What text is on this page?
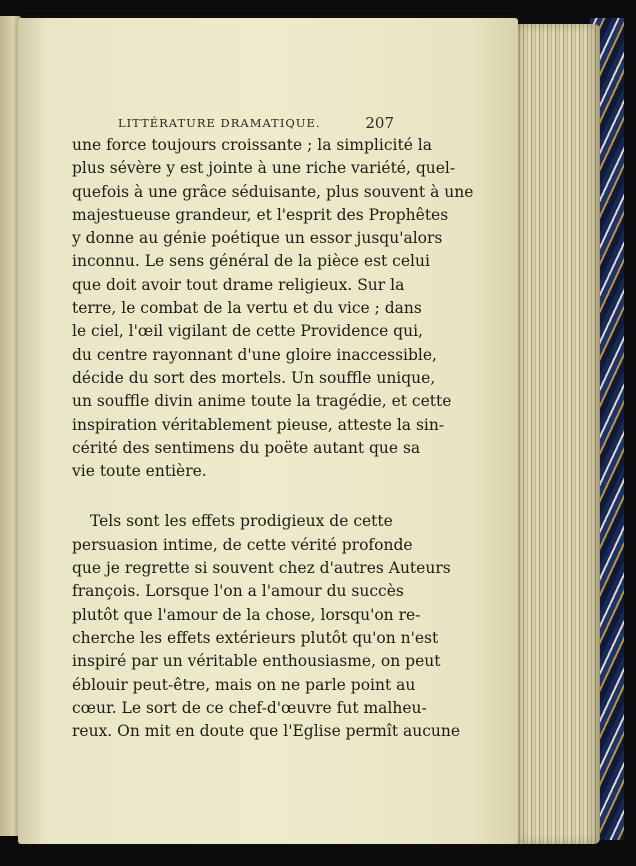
LITTÉRATURE DRAMATIQUE.	207
une force toujours croissante ; la simplicité la
plus sévère y est jointe à une riche variété, quel-
quefois à une grâce séduisante, plus souvent à une
majestueuse grandeur, et l'esprit des Prophêtes
y donne au génie poétique un essor jusqu'alors
inconnu. Le sens général de la pièce est celui
que doit avoir tout drame religieux. Sur la
terre, le combat de la vertu et du vice ; dans
le ciel, l'œil vigilant de cette Providence qui,
du centre rayonnant d'une gloire inaccessible,
décide du sort des mortels. Un souffle unique,
un souffle divin anime toute la tragédie, et cette
inspiration véritablement pieuse, atteste la sin-
cérité des sentimens du poëte autant que sa
vie toute entière.
Tels sont les effets prodigieux de cette
persuasion intime, de cette vérité profonde
que je regrette si souvent chez d'autres Auteurs
françois. Lorsque l'on a l'amour du succès
plutôt que l'amour de la chose, lorsqu'on re-
cherche les effets extérieurs plutôt qu'on n'est
inspiré par un véritable enthousiasme, on peut
éblouir peut-être, mais on ne parle point au
cœur. Le sort de ce chef-d'œuvre fut malheu-
reux. On mit en doute que l'Eglise permît aucune
